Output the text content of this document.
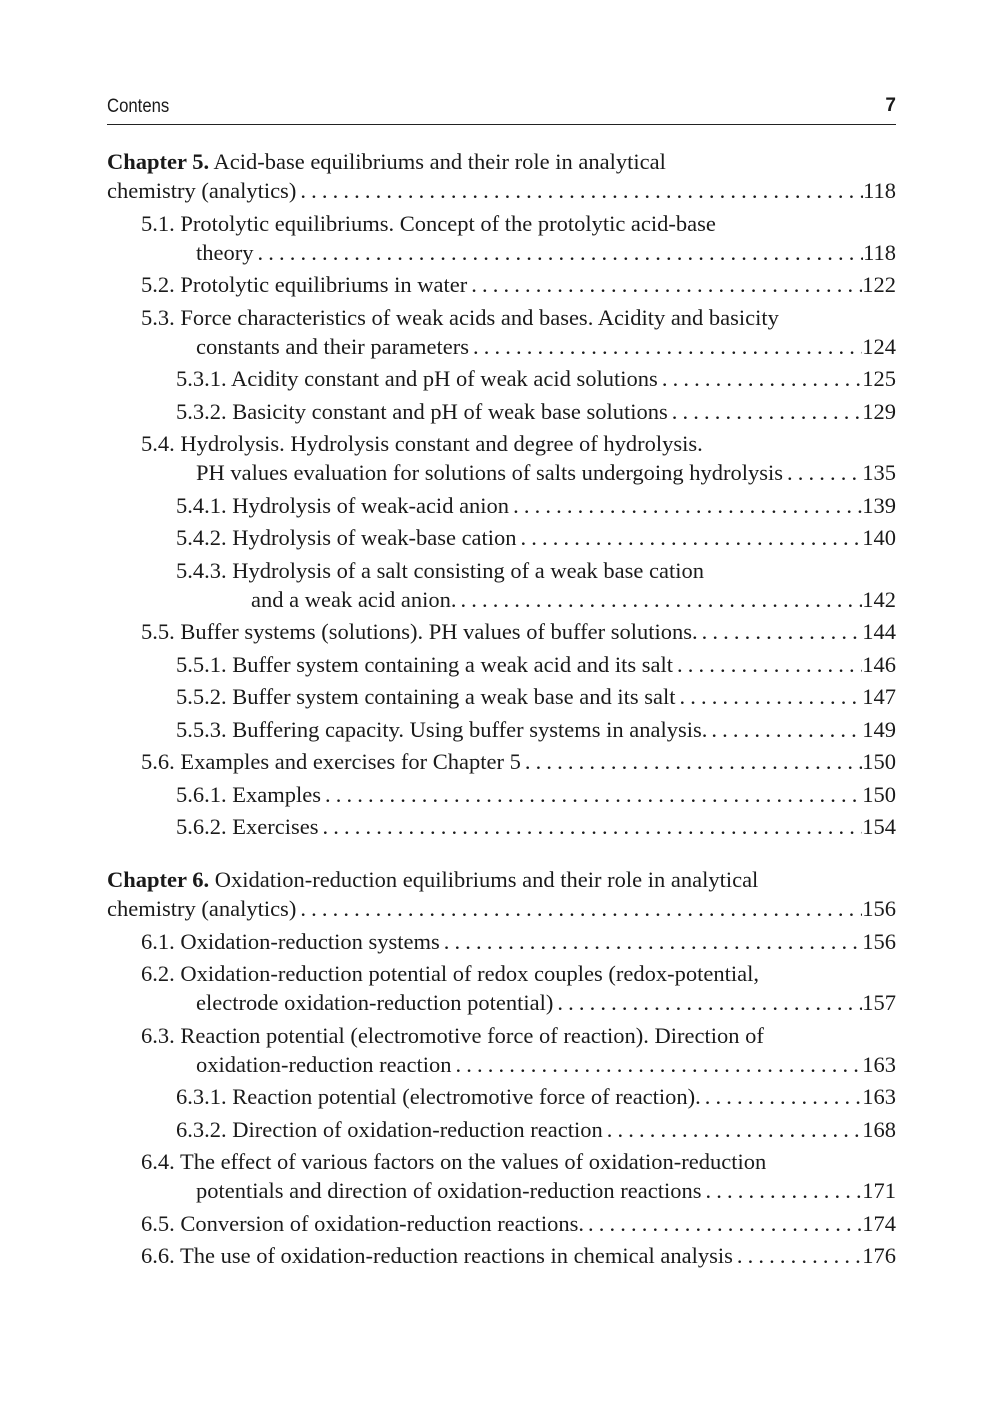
Contens	7
Chapter 5. Acid-base equilibriums and their role in analytical
chemistry (analytics) . . .	118
5.1. Protolytic equilibriums. Concept of the protolytic acid-base
theory . . .	118
5.2. Protolytic equilibriums in water . . .	122
5.3. Force characteristics of weak acids and bases. Acidity and basicity
constants and their parameters . . .	124
5.3.1. Acidity constant and pH of weak acid solutions . . .	125
5.3.2. Basicity constant and pH of weak base solutions . . .	129
5.4. Hydrolysis. Hydrolysis constant and degree of hydrolysis.
PH values evaluation for solutions of salts undergoing hydrolysis . . .	135
5.4.1. Hydrolysis of weak-acid anion . . .	139
5.4.2. Hydrolysis of weak-base cation . . .	140
5.4.3. Hydrolysis of a salt consisting of a weak base cation
and a weak acid anion. . . .	142
5.5. Buffer systems (solutions). PH values of buffer solutions. . . .	144
5.5.1. Buffer system containing a weak acid and its salt . . .	146
5.5.2. Buffer system containing a weak base and its salt . . .	147
5.5.3. Buffering capacity. Using buffer systems in analysis. . . .	149
5.6. Examples and exercises for Chapter 5 . . .	150
5.6.1. Examples . . .	150
5.6.2. Exercises . . .	154
Chapter 6. Oxidation-reduction equilibriums and their role in analytical
chemistry (analytics) . . .	156
6.1. Oxidation-reduction systems . . .	156
6.2. Oxidation-reduction potential of redox couples (redox-potential,
electrode oxidation-reduction potential) . . .	157
6.3. Reaction potential (electromotive force of reaction). Direction of
oxidation-reduction reaction . . .	163
6.3.1. Reaction potential (electromotive force of reaction). . . .	163
6.3.2. Direction of oxidation-reduction reaction . . .	168
6.4. The effect of various factors on the values of oxidation-reduction
potentials and direction of oxidation-reduction reactions . . .	171
6.5. Conversion of oxidation-reduction reactions. . . .	174
6.6. The use of oxidation-reduction reactions in chemical analysis . . .	176
